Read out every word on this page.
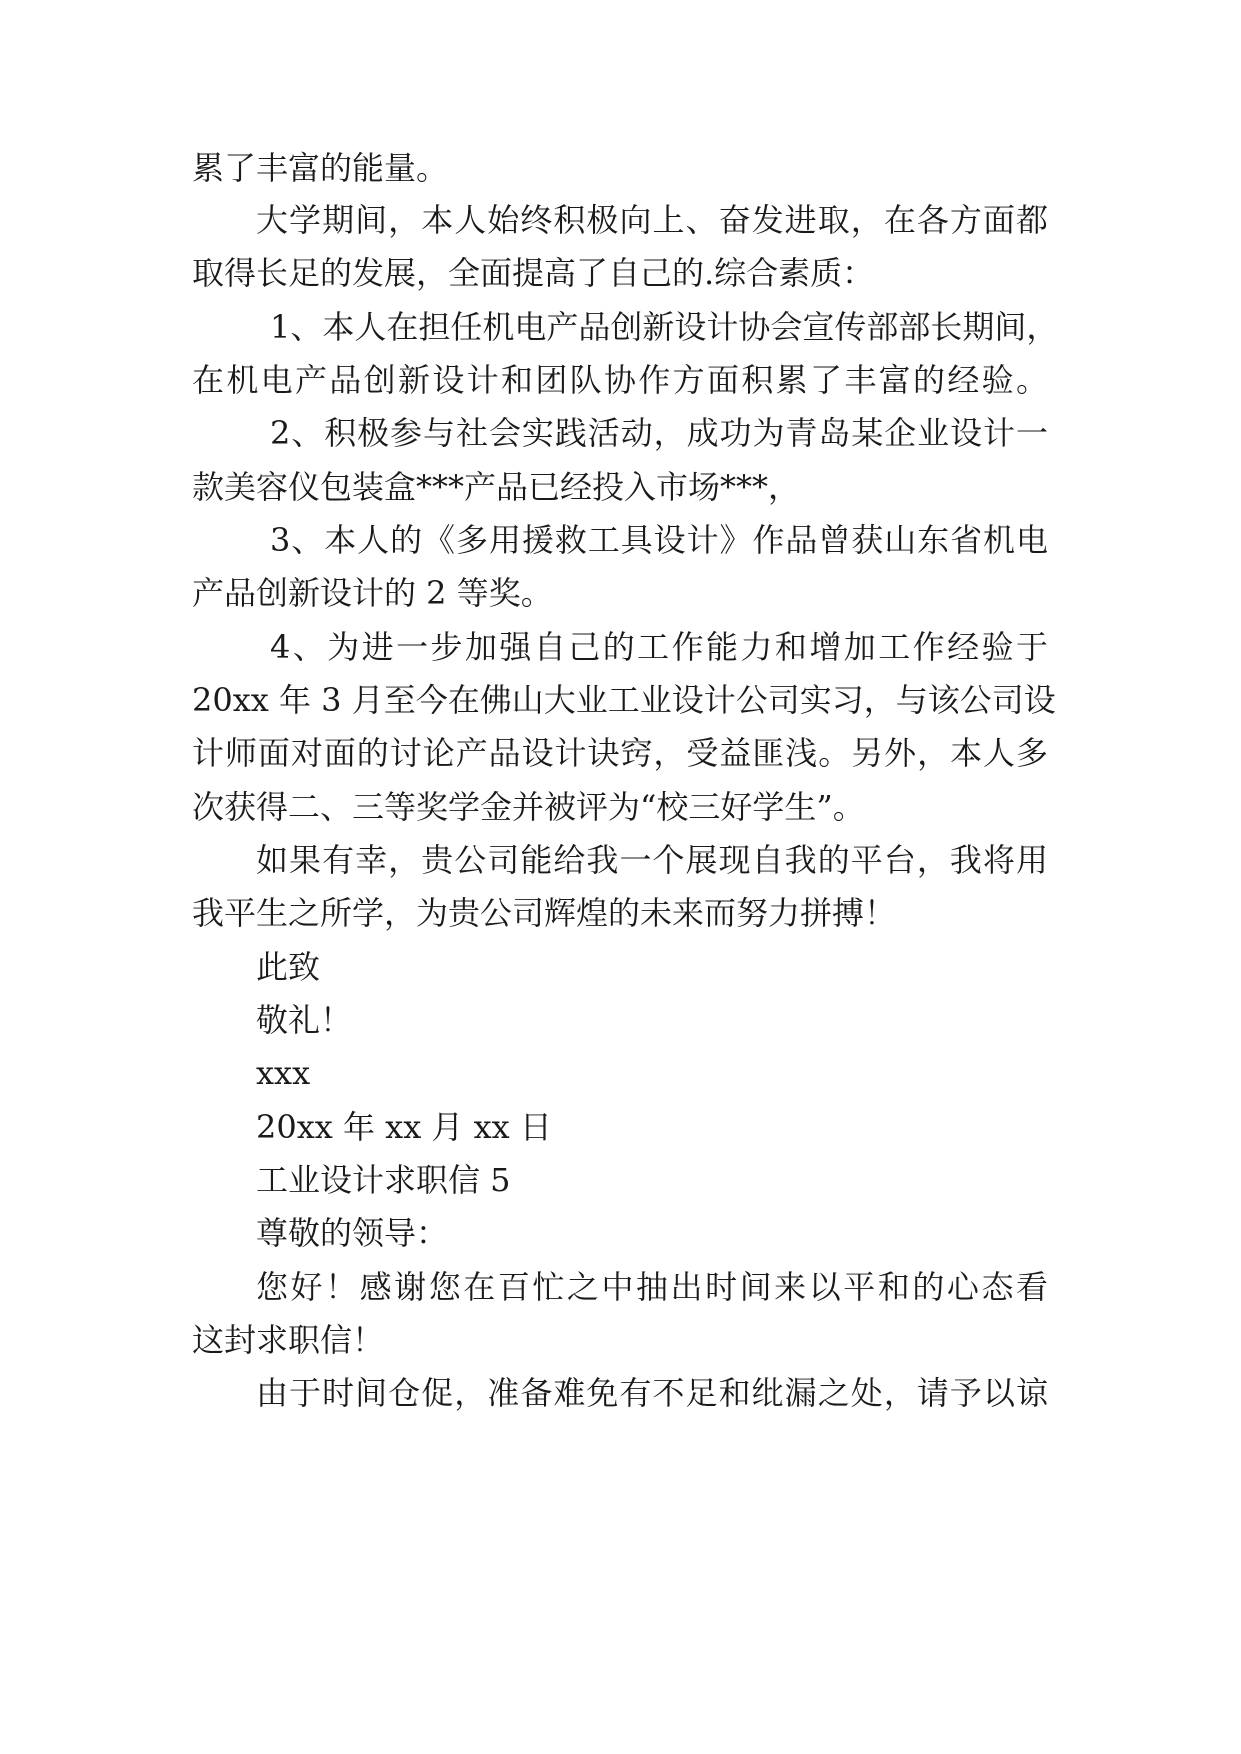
累了丰富的能量。
大学期间，本人始终积极向上、奋发进取，在各方面都
取得长足的发展，全面提高了自己的.综合素质：
1、本人在担任机电产品创新设计协会宣传部部长期间，
在机电产品创新设计和团队协作方面积累了丰富的经验。
2、积极参与社会实践活动，成功为青岛某企业设计一
款美容仪包装盒***产品已经投入市场***，
3、本人的《多用援救工具设计》作品曾获山东省机电
产品创新设计的 2 等奖。
4、为进一步加强自己的工作能力和增加工作经验于
20xx 年 3 月至今在佛山大业工业设计公司实习，与该公司设
计师面对面的讨论产品设计诀窍，受益匪浅。另外，本人多
次获得二、三等奖学金并被评为“校三好学生”。
如果有幸，贵公司能给我一个展现自我的平台，我将用
我平生之所学，为贵公司辉煌的未来而努力拼搏！
此致
敬礼！
xxx
20xx 年 xx 月 xx 日
工业设计求职信 5
尊敬的领导：
您好！感谢您在百忙之中抽出时间来以平和的心态看
这封求职信！
由于时间仓促，准备难免有不足和纰漏之处，请予以谅
